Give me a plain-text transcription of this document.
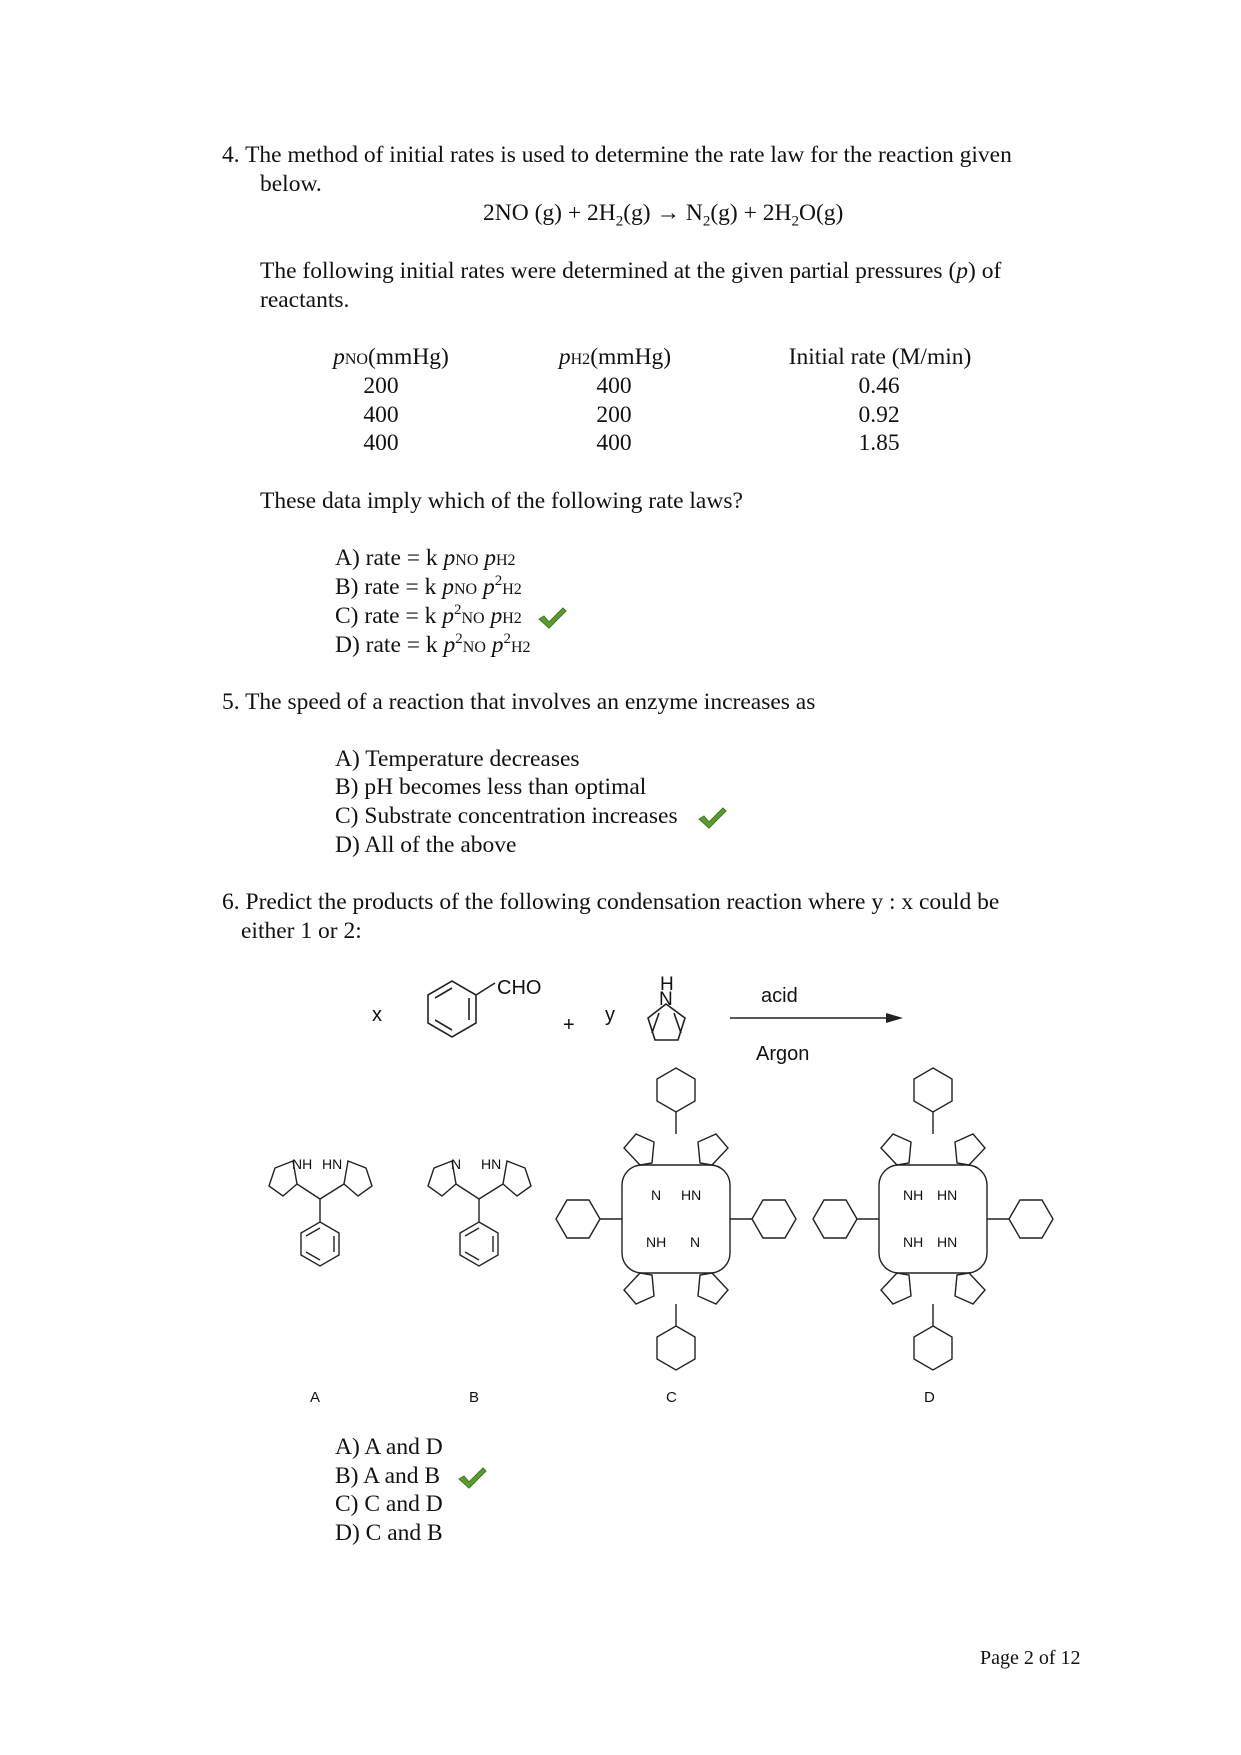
4. The method of initial rates is used to determine the rate law for the reaction given
below.
2NO $(g) + 2H_2(g) \to N_2(g) + 2H_2O(g)$
The following initial rates were determined at the given partial pressures (p) of
reactants.
pNO(mmHg)	pH2(mmHg)	Initial rate (M/min)
200	400	0.46
400	200	0.92
400	400	1.85
These data imply which of the following rate laws?
A) rate = k pNO pH2
B) rate = k pNO $p^2H2$
C) rate = k $p^2NO$ pH2
D) rate = k $p^2NO$ $p^2H2$
5. The speed of a reaction that involves an enzyme increases as
A) Temperature decreases
B) pH becomes less than optimal
C) Substrate concentration increases
D) All of the above
6. Predict the products of the following condensation reaction where y : x could be
either 1 or 2:
CHO
x	+ y
H
N	acid
Argon
NH HN	N HN
N HN
NH N
NH HN
NH HN
A	B	C	D
A) A and D
B) A and B
C) C and D
D) C and B
Page 2 of 12
